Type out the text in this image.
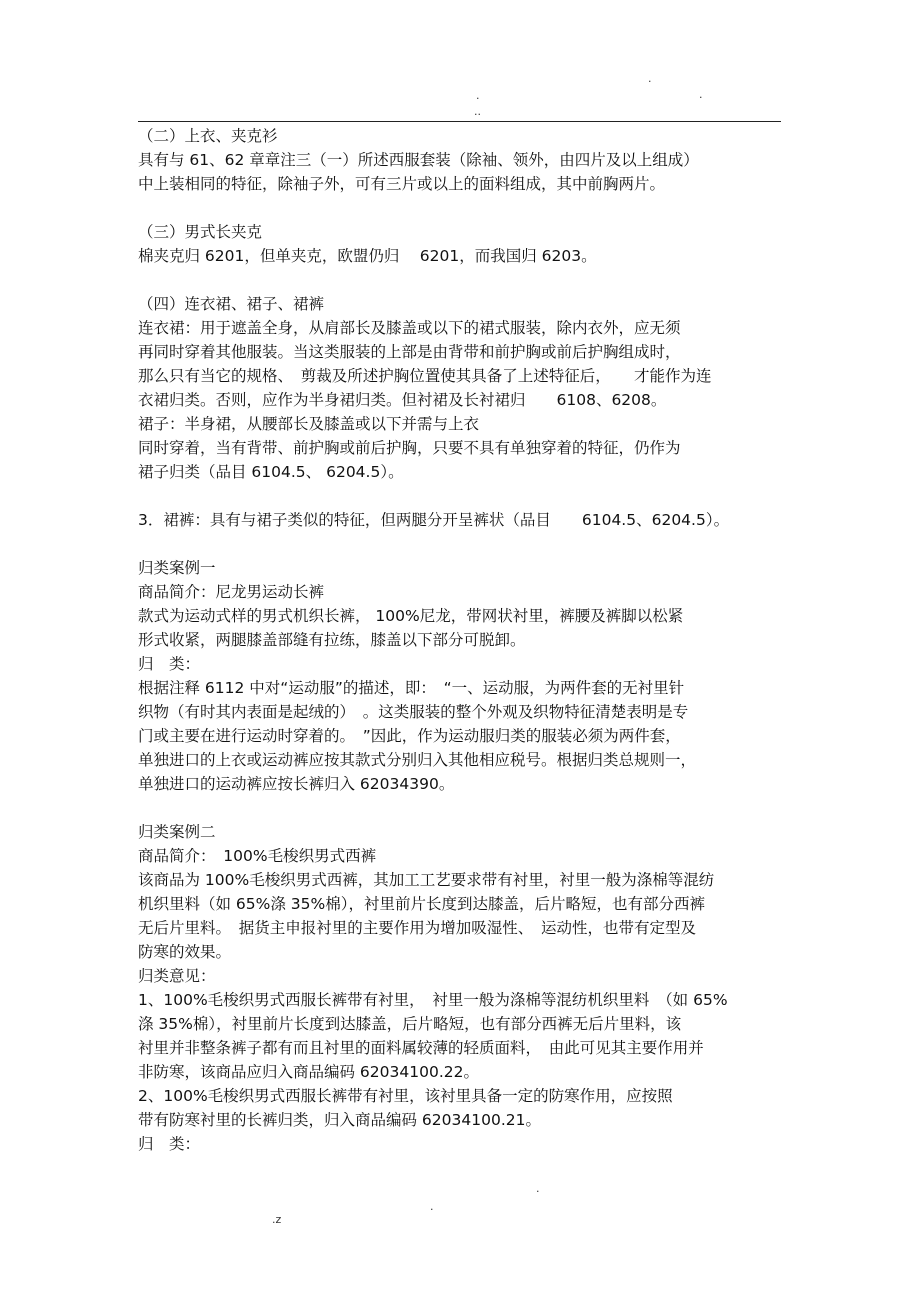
.
.
.
..
（二）上衣、夹克衫
具有与 61、62 章章注三（一）所述西服套装（除袖、领外，由四片及以上组成）
中上装相同的特征，除袖子外，可有三片或以上的面料组成，其中前胸两片。
（三）男式长夹克
棉夹克归 6201，但单夹克，欧盟仍归 　6201，而我国归 6203。
（四）连衣裙、裙子、裙裤
连衣裙：用于遮盖全身，从肩部长及膝盖或以下的裙式服装，除内衣外，应无须
再同时穿着其他服装。当这类服装的上部是由背带和前护胸或前后护胸组成时，
那么只有当它的规格、　剪裁及所述护胸位置使其具备了上述特征后，　　才能作为连
衣裙归类。否则，应作为半身裙归类。但衬裙及长衬裙归　　6108、6208。
裙子：半身裙，从腰部长及膝盖或以下并需与上衣
同时穿着，当有背带、前护胸或前后护胸，只要不具有单独穿着的特征，仍作为
裙子归类（品目 6104.5、 6204.5）。
3．裙裤：具有与裙子类似的特征，但两腿分开呈裤状（品目　　6104.5、6204.5）。
归类案例一
商品简介：尼龙男运动长裤
款式为运动式样的男式机织长裤， 100%尼龙，带网状衬里，裤腰及裤脚以松紧
形式收紧，两腿膝盖部缝有拉练，膝盖以下部分可脱卸。
归　类：
根据注释 6112 中对“运动服”的描述，即：　“一、运动服，为两件套的无衬里针
织物（有时其内表面是起绒的）　。这类服装的整个外观及织物特征清楚表明是专
门或主要在进行运动时穿着的。　”因此，作为运动服归类的服装必须为两件套，
单独进口的上衣或运动裤应按其款式分别归入其他相应税号。根据归类总规则一，
单独进口的运动裤应按长裤归入 62034390。
归类案例二
商品简介：　100%毛梭织男式西裤
该商品为 100%毛梭织男式西裤，其加工工艺要求带有衬里，衬里一般为涤棉等混纺
机织里料（如 65%涤 35%棉），衬里前片长度到达膝盖，后片略短，也有部分西裤
无后片里料。　据货主申报衬里的主要作用为增加吸湿性、　运动性，也带有定型及
防寒的效果。
归类意见：
1、100%毛梭织男式西服长裤带有衬里，　衬里一般为涤棉等混纺机织里料　（如 65%
涤 35%棉），衬里前片长度到达膝盖，后片略短，也有部分西裤无后片里料，该
衬里并非整条裤子都有而且衬里的面料属较薄的轻质面料，　由此可见其主要作用并
非防寒，该商品应归入商品编码 62034100.22。
2、100%毛梭织男式西服长裤带有衬里，该衬里具备一定的防寒作用，应按照
带有防寒衬里的长裤归类，归入商品编码 62034100.21。
归　类：
.
.
.z
